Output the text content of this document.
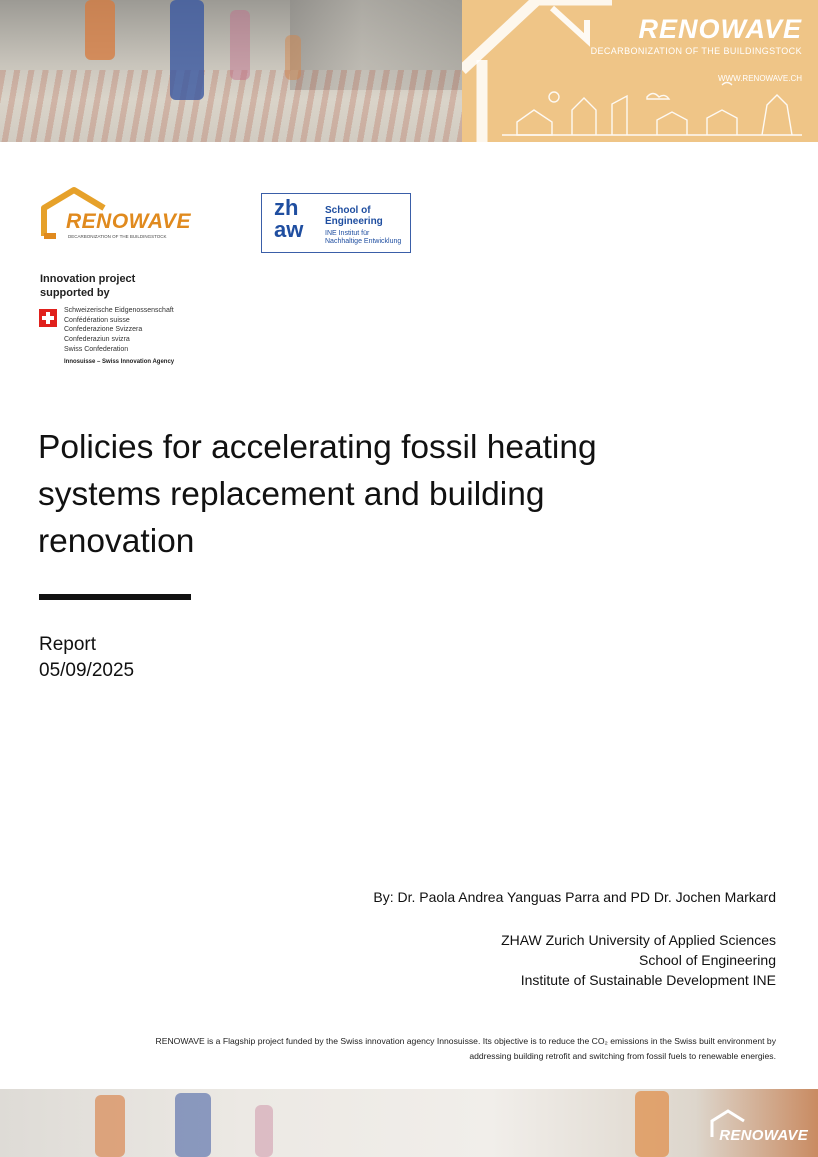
RENOWAVE
DECARBONIZATION OF THE BUILDINGSTOCK
WWW.RENOWAVE.CH
RENOWAVE
DECARBONIZATION OF THE BUILDINGSTOCK
zh
aw
School of
Engineering
INE Institut für
Nachhaltige Entwicklung
Innovation project
supported by
Schweizerische Eidgenossenschaft
Confédération suisse
Confederazione Svizzera
Confederaziun svizra
Swiss Confederation
Innosuisse – Swiss Innovation Agency
Policies for accelerating fossil heating systems replacement and building renovation
Report
05/09/2025
By: Dr. Paola Andrea Yanguas Parra and PD Dr. Jochen Markard
ZHAW Zurich University of Applied Sciences
School of Engineering
Institute of Sustainable Development INE
RENOWAVE is a Flagship project funded by the Swiss innovation agency Innosuisse. Its objective is to reduce the CO₂ emissions in the Swiss built environment by addressing building retrofit and switching from fossil fuels to renewable energies.
RENOWAVE
